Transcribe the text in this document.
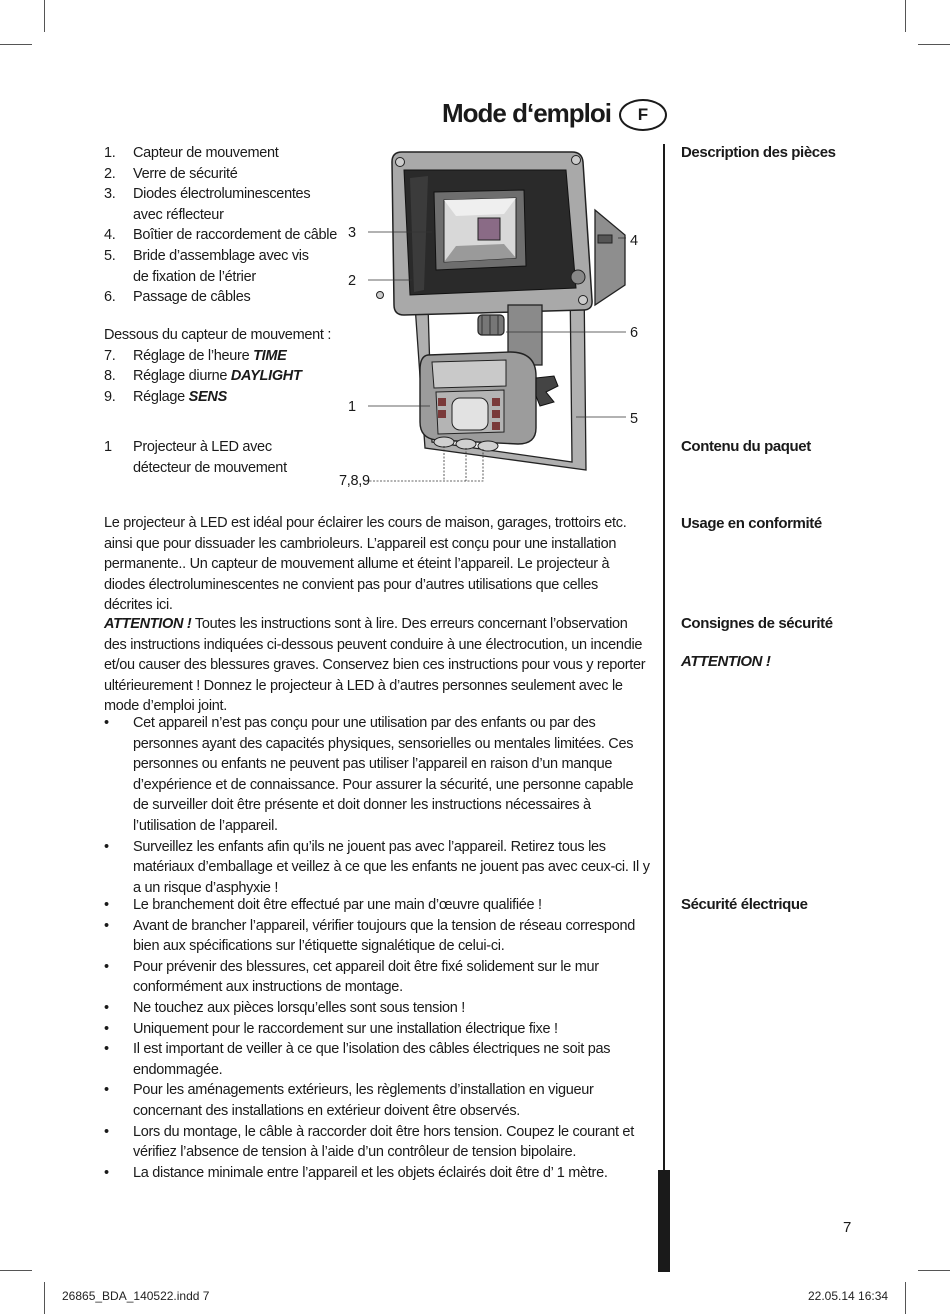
Mode d‘emploi	F
1.	Capteur de mouvement
2.	Verre de sécurité
3.	Diodes électroluminescentes avec réflecteur
4.	Boîtier de raccordement de câble
5.	Bride d’assemblage avec vis de fixation de l’étrier
6.	Passage de câbles
Dessous du capteur de mouvement :
7.	Réglage de l’heure TIME
8.	Réglage diurne DAYLIGHT
9.	Réglage SENS
1	Projecteur à LED avec détecteur de mouvement
3
2
1
4
6
5
7,8,9
Description des pièces
Contenu du paquet
Usage en conformité
Consignes de sécurité
ATTENTION !
Sécurité électrique
Le projecteur à LED est idéal pour éclairer les cours de maison, garages, trottoirs etc. ainsi que pour dissuader les cambrioleurs. L’appareil est conçu pour une installation permanente.. Un capteur de mouvement allume et éteint l’appareil. Le projecteur à diodes électroluminescentes ne convient pas pour d’autres utilisations que celles décrites ici.
ATTENTION ! Toutes les instructions sont à lire. Des erreurs concernant l’observation des instructions indiquées ci-dessous peuvent conduire à une électrocution, un incendie et/ou causer des blessures graves. Conservez bien ces instructions pour vous y reporter ultérieurement ! Donnez le projecteur à LED à d’autres personnes seulement avec le mode d’emploi joint.
•	Cet appareil n’est pas conçu pour une utilisation par des enfants ou par des personnes ayant des capacités physiques, sensorielles ou mentales limitées. Ces personnes ou enfants ne peuvent pas utiliser l’appareil en raison d’un manque d’expérience et de connaissance. Pour assurer la sécurité, une personne capable de surveiller doit être présente et doit donner les instructions nécessaires à l’utilisation de l’appareil.
•	Surveillez les enfants afin qu’ils ne jouent pas avec l’appareil. Retirez tous les matériaux d’emballage et veillez à ce que les enfants ne jouent pas avec ceux-ci. Il y a un risque d’asphyxie !
•	Le branchement doit être effectué par une main d’œuvre qualifiée !
•	Avant de brancher l’appareil, vérifier toujours que la tension de réseau correspond bien aux spécifications sur l’étiquette signalétique de celui-ci.
•	Pour prévenir des blessures, cet appareil doit être fixé solidement sur le mur conformément aux instructions de montage.
•	Ne touchez aux pièces lorsqu’elles sont sous tension !
•	Uniquement pour le raccordement sur une installation électrique fixe !
•	Il est important de veiller à ce que l’isolation des câbles électriques ne soit pas endommagée.
•	Pour les aménagements extérieurs, les règlements d’installation en vigueur concernant des installations en extérieur doivent être observés.
•	Lors du montage, le câble à raccorder doit être hors tension. Coupez le courant et vérifiez l’absence de tension à l’aide d’un contrôleur de tension bipolaire.
•	La distance minimale entre l’appareil et les objets éclairés doit être d’ 1 mètre.
7
26865_BDA_140522.indd 7	22.05.14 16:34
